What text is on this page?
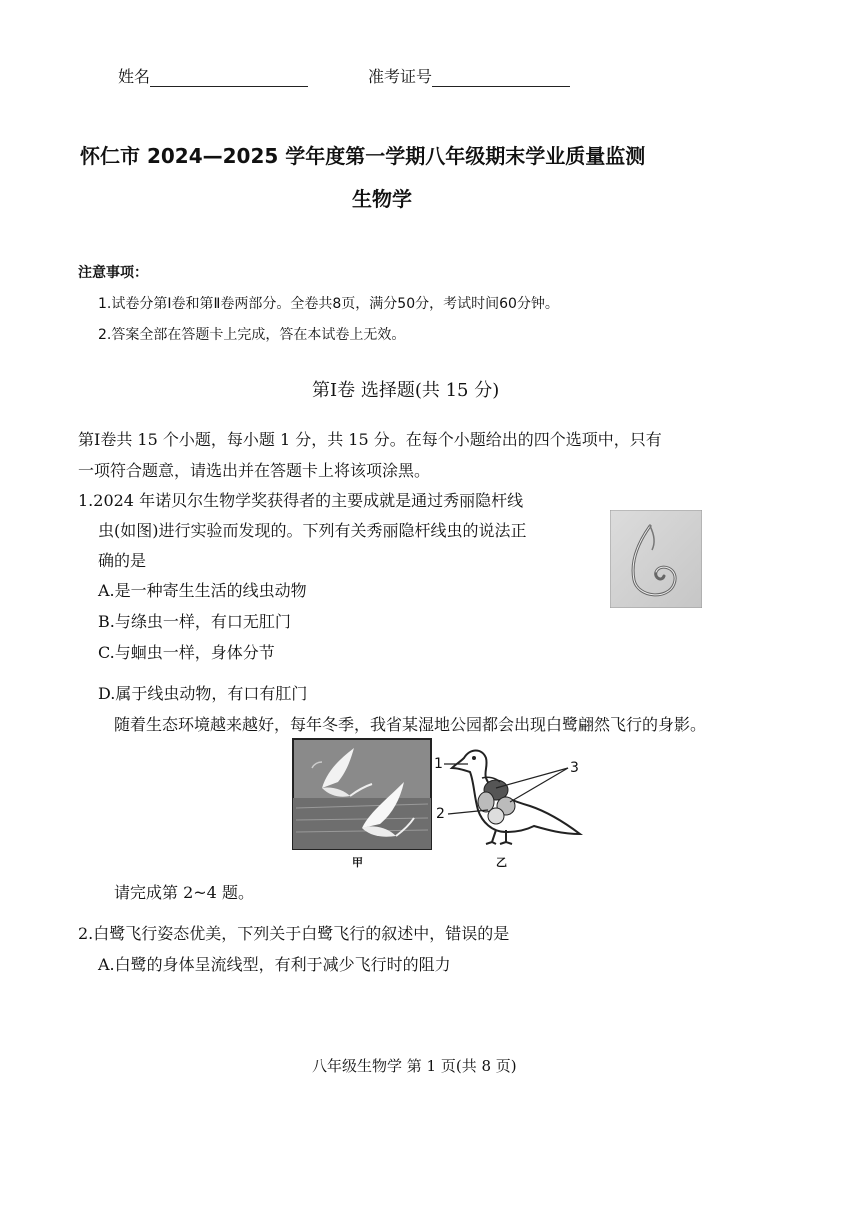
姓名	准考证号
怀仁市 2024—2025 学年度第一学期八年级期末学业质量监测
生物学
注意事项：
1.试卷分第Ⅰ卷和第Ⅱ卷两部分。全卷共8页，满分50分，考试时间60分钟。
2.答案全部在答题卡上完成，答在本试卷上无效。
第Ⅰ卷 选择题(共 15 分)
第Ⅰ卷共 15 个小题，每小题 1 分，共 15 分。在每个小题给出的四个选项中，只有
一项符合题意，请选出并在答题卡上将该项涂黑。
1.2024 年诺贝尔生物学奖获得者的主要成就是通过秀丽隐杆线
虫(如图)进行实验而发现的。下列有关秀丽隐杆线虫的说法正
确的是
A.是一种寄生生活的线虫动物
B.与绦虫一样，有口无肛门
C.与蛔虫一样，身体分节
D.属于线虫动物，有口有肛门
随着生态环境越来越好，每年冬季，我省某湿地公园都会出现白鹭翩然飞行的身影。
甲
1
2
3
乙
请完成第 2~4 题。
2.白鹭飞行姿态优美，下列关于白鹭飞行的叙述中，错误的是
A.白鹭的身体呈流线型，有利于减少飞行时的阻力
八年级生物学 第 1 页(共 8 页)
